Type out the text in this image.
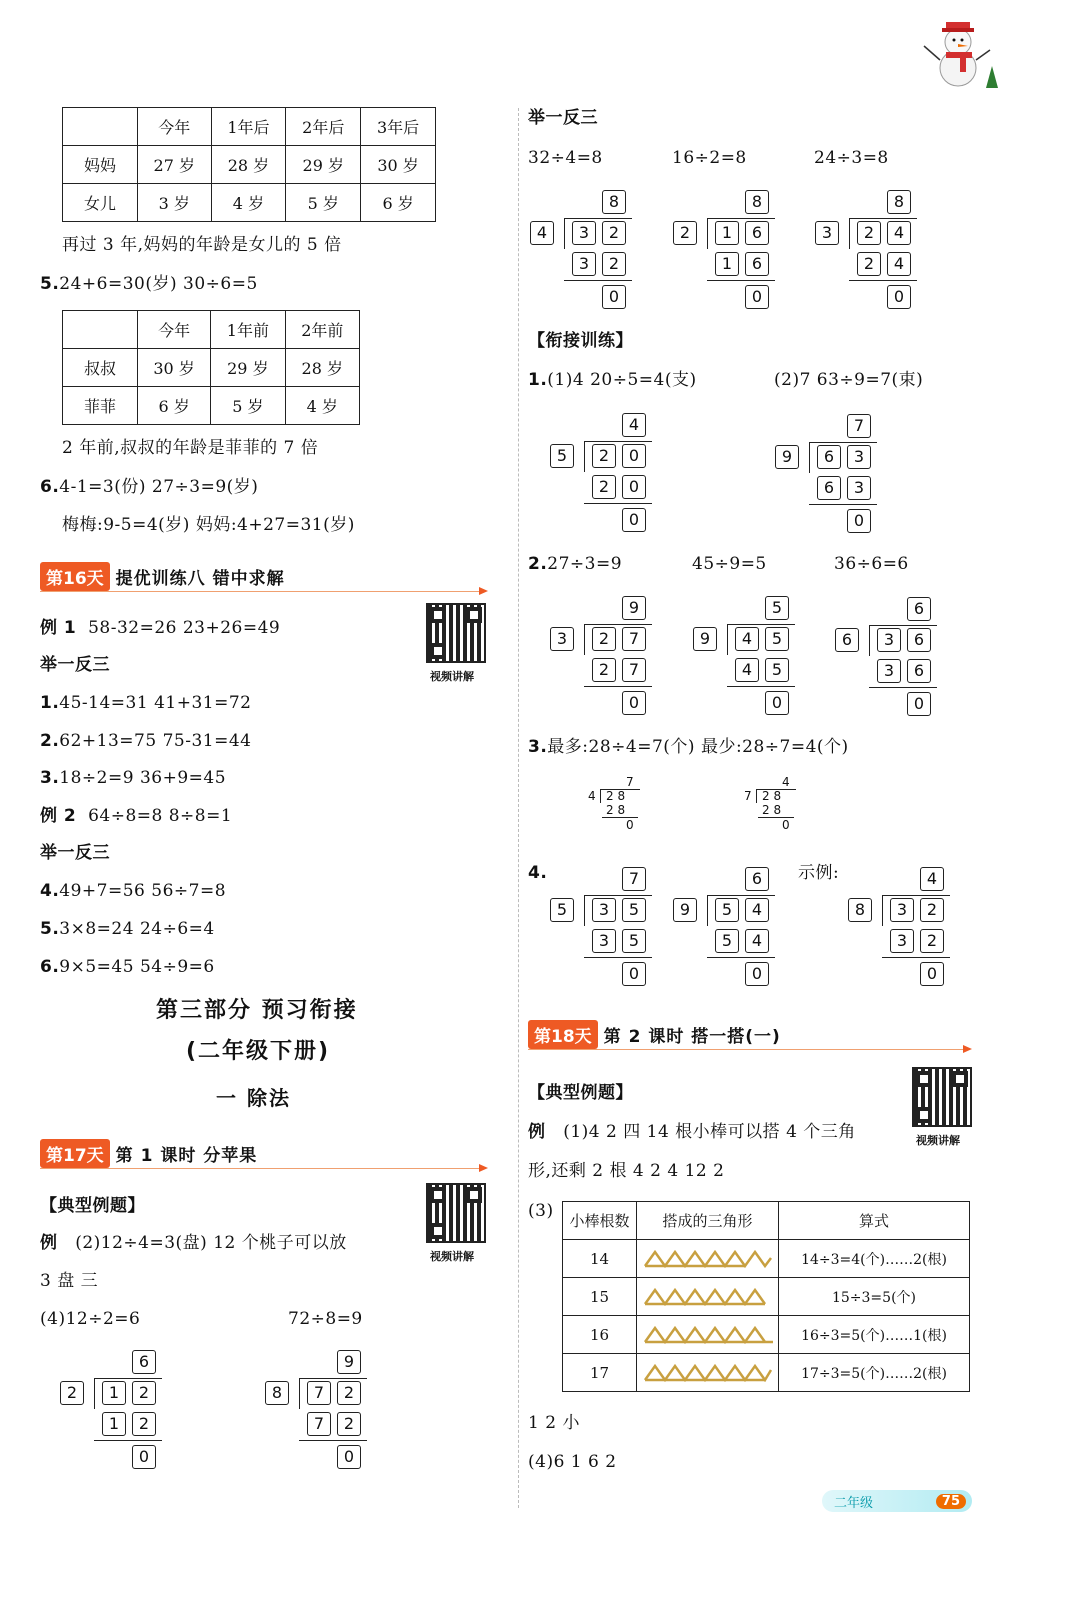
	今年	1年后	2年后	3年后
妈妈	27 岁	28 岁	29 岁	30 岁
女儿	3 岁	4 岁	5 岁	6 岁
再过 3 年,妈妈的年龄是女儿的 5 倍
5.24+6=30(岁) 30÷6=5
	今年	1年前	2年前
叔叔	30 岁	29 岁	28 岁
菲菲	6 岁	5 岁	4 岁
2 年前,叔叔的年龄是菲菲的 7 倍
6.4-1=3(份) 27÷3=9(岁)
梅梅:9-5=4(岁) 妈妈:4+27=31(岁)
第16天 提优训练八 错中求解
视频讲解
例 1 58-32=26 23+26=49
举一反三
1.45-14=31 41+31=72
2.62+13=75 75-31=44
3.18÷2=9 36+9=45
例 2 64÷8=8 8÷8=1
举一反三
4.49+7=56 56÷7=8
5.3×8=24 24÷6=4
6.9×5=45 54÷9=6
第三部分 预习衔接
(二年级下册)
一 除法
第17天 第 1 课时 分苹果
视频讲解
【典型例题】
例 (2)12÷4=3(盘) 12 个桃子可以放
3 盘 三
(4)12÷2=6	72÷8=9
举一反三
32÷4=8	16÷2=8	24÷3=8
【衔接训练】
1.(1)4 20÷5=4(支)	(2)7 63÷9=7(束)
2.27÷3=9	45÷9=5	36÷6=6
3.最多:28÷4=7(个) 最少:28÷7=4(个)
4.	示例:
第18天 第 2 课时 搭一搭(一)
视频讲解
【典型例题】
例 (1)4 2 四 14 根小棒可以搭 4 个三角
形,还剩 2 根 4 2 4 12 2
(3) 小棒根数	搭成的三角形	算式
14		14÷3=4(个)……2(根)
15		15÷3=5(个)
16		16÷3=5(个)……1(根)
17		17÷3=5(个)……2(根)
1 2 小
(4)6 1 6 2
二年级	75
2
6
1	2
1	2
0
8
9
7	2
7	2
0
4
8
3	2
3	2
0
2
8
1	6
1	6
0
3
8
2	4
2	4
0
5
4
2	0
2	0
0
9
7
6	3
6	3
0
3
9
2	7
2	7
0
9
5
4	5
4	5
0
6
6
3	6
3	6
0
5
7
3	5
3	5
0
9
6
5	4
5	4
0
8
4
3	2
3	2
0
7
4 2 8
2 8
0
4
7 2 8
2 8
0
